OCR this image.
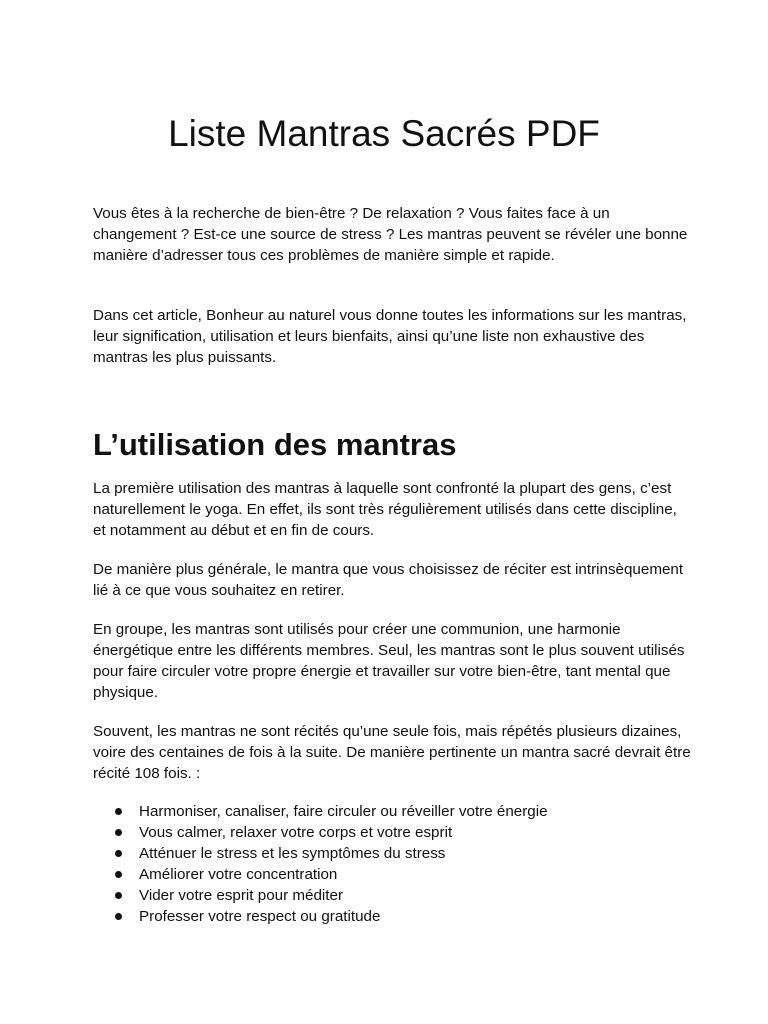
Liste Mantras Sacrés PDF

Vous êtes à la recherche de bien-être ? De relaxation ? Vous faites face à un changement ? Est-ce une source de stress ? Les mantras peuvent se révéler une bonne manière d’adresser tous ces problèmes de manière simple et rapide.

Dans cet article, Bonheur au naturel vous donne toutes les informations sur les mantras, leur signification, utilisation et leurs bienfaits, ainsi qu’une liste non exhaustive des mantras les plus puissants.

L’utilisation des mantras

La première utilisation des mantras à laquelle sont confronté la plupart des gens, c’est naturellement le yoga. En effet, ils sont très régulièrement utilisés dans cette discipline, et notamment au début et en fin de cours.

De manière plus générale, le mantra que vous choisissez de réciter est intrinsèquement lié à ce que vous souhaitez en retirer.

En groupe, les mantras sont utilisés pour créer une communion, une harmonie énergétique entre les différents membres. Seul, les mantras sont le plus souvent utilisés pour faire circuler votre propre énergie et travailler sur votre bien-être, tant mental que physique.

Souvent, les mantras ne sont récités qu’une seule fois, mais répétés plusieurs dizaines, voire des centaines de fois à la suite. De manière pertinente un mantra sacré devrait être récité 108 fois. :

Harmoniser, canaliser, faire circuler ou réveiller votre énergie
Vous calmer, relaxer votre corps et votre esprit
Atténuer le stress et les symptômes du stress
Améliorer votre concentration
Vider votre esprit pour méditer
Professer votre respect ou gratitude
